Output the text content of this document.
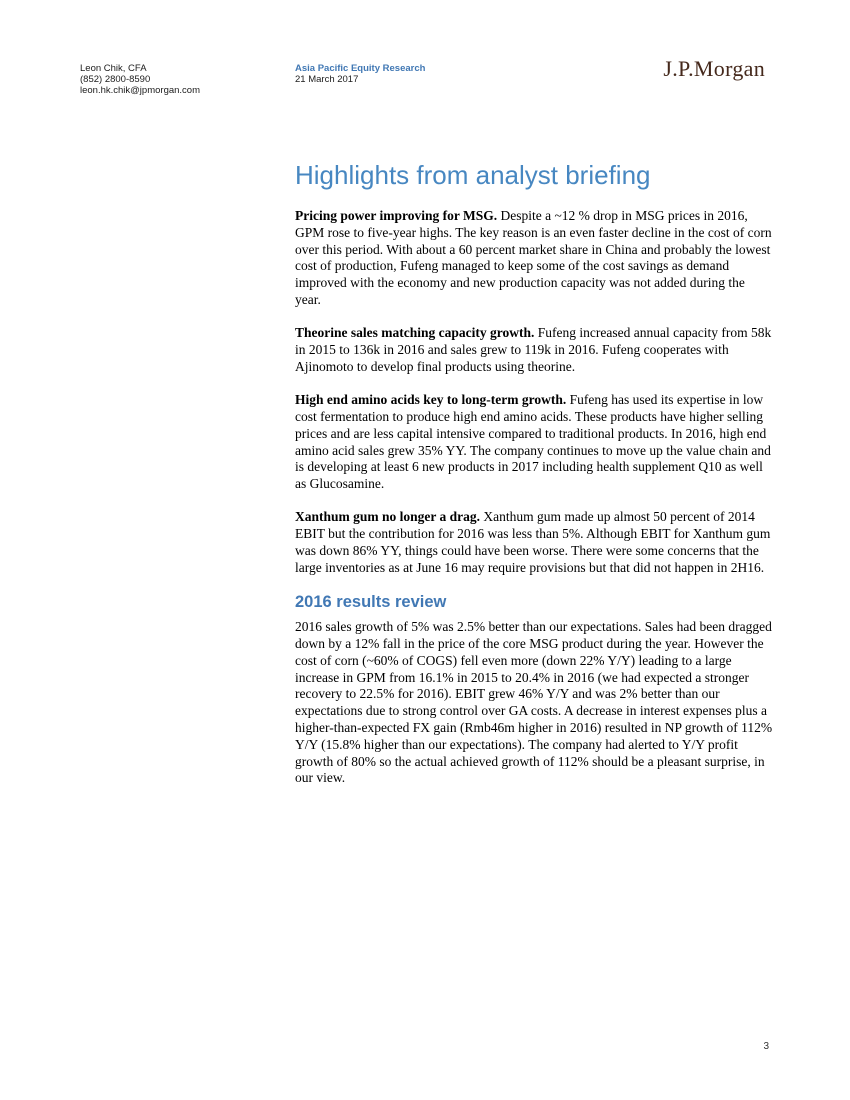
Leon Chik, CFA
(852) 2800-8590
leon.hk.chik@jpmorgan.com
Asia Pacific Equity Research
21 March 2017	J.P.Morgan
Highlights from analyst briefing

Pricing power improving for MSG. Despite a ~12 % drop in MSG prices in 2016, GPM rose to five-year highs. The key reason is an even faster decline in the cost of corn over this period. With about a 60 percent market share in China and probably the lowest cost of production, Fufeng managed to keep some of the cost savings as demand improved with the economy and new production capacity was not added during the year.

Theorine sales matching capacity growth. Fufeng increased annual capacity from 58k in 2015 to 136k in 2016 and sales grew to 119k in 2016. Fufeng cooperates with Ajinomoto to develop final products using theorine.

High end amino acids key to long-term growth. Fufeng has used its expertise in low cost fermentation to produce high end amino acids. These products have higher selling prices and are less capital intensive compared to traditional products. In 2016, high end amino acid sales grew 35% YY. The company continues to move up the value chain and is developing at least 6 new products in 2017 including health supplement Q10 as well as Glucosamine.

Xanthum gum no longer a drag. Xanthum gum made up almost 50 percent of 2014 EBIT but the contribution for 2016 was less than 5%. Although EBIT for Xanthum gum was down 86% YY, things could have been worse. There were some concerns that the large inventories as at June 16 may require provisions but that did not happen in 2H16.

2016 results review

2016 sales growth of 5% was 2.5% better than our expectations. Sales had been dragged down by a 12% fall in the price of the core MSG product during the year. However the cost of corn (~60% of COGS) fell even more (down 22% Y/Y) leading to a large increase in GPM from 16.1% in 2015 to 20.4% in 2016 (we had expected a stronger recovery to 22.5% for 2016). EBIT grew 46% Y/Y and was 2% better than our expectations due to strong control over GA costs. A decrease in interest expenses plus a higher-than-expected FX gain (Rmb46m higher in 2016) resulted in NP growth of 112% Y/Y (15.8% higher than our expectations). The company had alerted to Y/Y profit growth of 80% so the actual achieved growth of 112% should be a pleasant surprise, in our view.

3
